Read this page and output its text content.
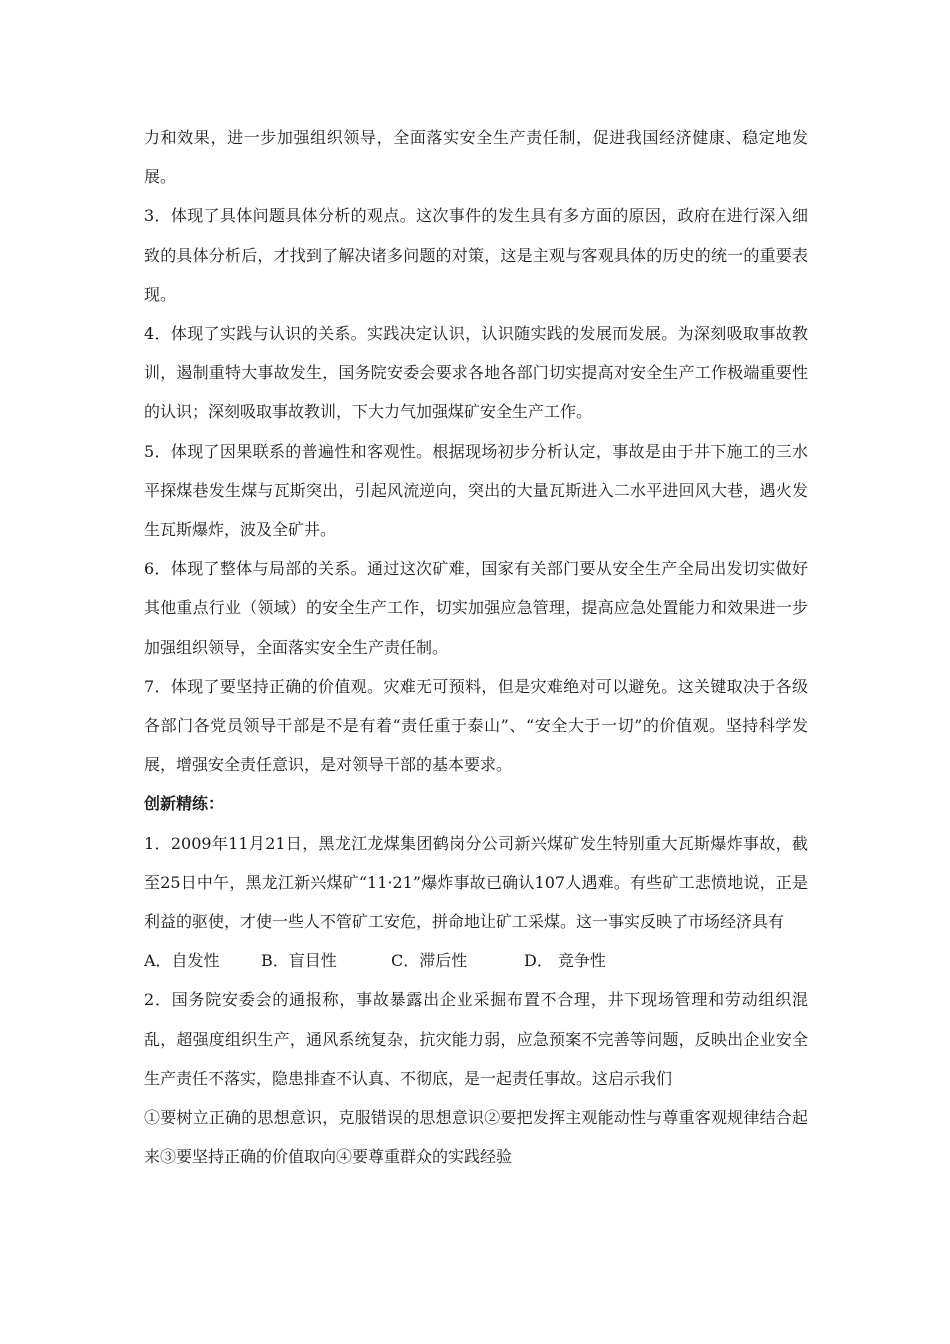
力和效果，进一步加强组织领导，全面落实安全生产责任制，促进我国经济健康、稳定地发展。

3．体现了具体问题具体分析的观点。这次事件的发生具有多方面的原因，政府在进行深入细致的具体分析后，才找到了解决诸多问题的对策，这是主观与客观具体的历史的统一的重要表现。

4．体现了实践与认识的关系。实践决定认识，认识随实践的发展而发展。为深刻吸取事故教训，遏制重特大事故发生，国务院安委会要求各地各部门切实提高对安全生产工作极端重要性的认识；深刻吸取事故教训，下大力气加强煤矿安全生产工作。

5．体现了因果联系的普遍性和客观性。根据现场初步分析认定，事故是由于井下施工的三水平探煤巷发生煤与瓦斯突出，引起风流逆向，突出的大量瓦斯进入二水平进回风大巷，遇火发生瓦斯爆炸，波及全矿井。

6．体现了整体与局部的关系。通过这次矿难，国家有关部门要从安全生产全局出发切实做好其他重点行业（领域）的安全生产工作，切实加强应急管理，提高应急处置能力和效果进一步加强组织领导，全面落实安全生产责任制。

7．体现了要坚持正确的价值观。灾难无可预料，但是灾难绝对可以避免。这关键取决于各级各部门各党员领导干部是不是有着“责任重于泰山”、“安全大于一切”的价值观。坚持科学发展，增强安全责任意识，是对领导干部的基本要求。

创新精练：

1．2009年11月21日，黑龙江龙煤集团鹤岗分公司新兴煤矿发生特别重大瓦斯爆炸事故，截至25日中午，黑龙江新兴煤矿“11·21”爆炸事故已确认107人遇难。有些矿工悲愤地说，正是利益的驱使，才使一些人不管矿工安危，拼命地让矿工采煤。这一事实反映了市场经济具有

A．自发性	B．盲目性	C．滞后性	D． 竞争性

2．国务院安委会的通报称，事故暴露出企业采掘布置不合理，井下现场管理和劳动组织混乱，超强度组织生产，通风系统复杂，抗灾能力弱，应急预案不完善等问题，反映出企业安全生产责任不落实，隐患排查不认真、不彻底，是一起责任事故。这启示我们

①要树立正确的思想意识，克服错误的思想意识②要把发挥主观能动性与尊重客观规律结合起来③要坚持正确的价值取向④要尊重群众的实践经验
